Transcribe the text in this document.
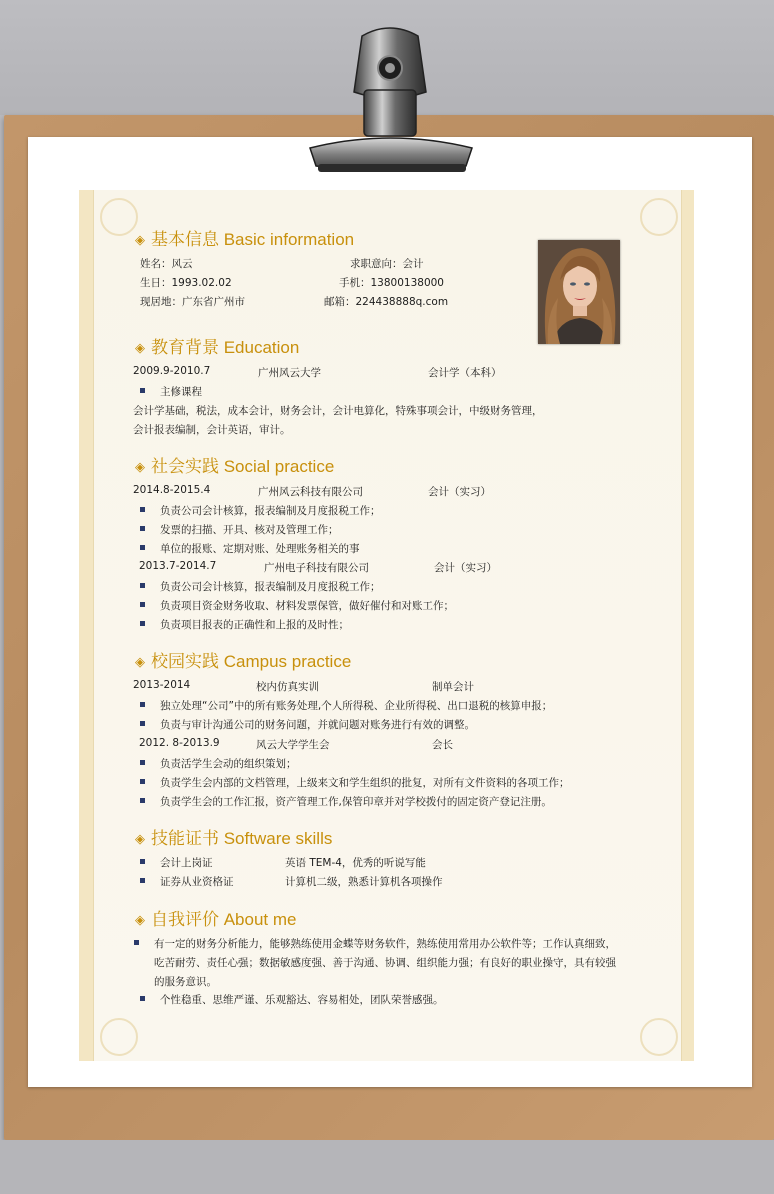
◈ 基本信息 Basic information
姓名：风云	求职意向：会计
生日：1993.02.02	手机：13800138000
现居地：广东省广州市	邮箱：224438888q.com
◈ 教育背景 Education
2009.9-2010.7	广州风云大学	会计学（本科）
主修课程
会计学基础，税法，成本会计，财务会计，会计电算化，特殊事项会计，中级财务管理，
会计报表编制，会计英语，审计。
◈ 社会实践 Social practice
2014.8-2015.4	广州风云科技有限公司	会计（实习）
负责公司会计核算，报表编制及月度报税工作；
发票的扫描、开具、核对及管理工作；
单位的报账、定期对账、处理账务相关的事
2013.7-2014.7	广州电子科技有限公司	会计（实习）
负责公司会计核算，报表编制及月度报税工作；
负责项目资金财务收取、材料发票保管，做好催付和对账工作；
负责项目报表的正确性和上报的及时性；
◈ 校园实践 Campus practice
2013-2014	校内仿真实训	制单会计
独立处理“公司”中的所有账务处理,个人所得税、企业所得税、出口退税的核算申报；
负责与审计沟通公司的财务问题，并就问题对账务进行有效的调整。
2012. 8-2013.9	风云大学学生会	会长
负责活学生会动的组织策划；
负责学生会内部的文档管理，上级来文和学生组织的批复，对所有文件资料的各项工作；
负责学生会的工作汇报，资产管理工作,保管印章并对学校拨付的固定资产登记注册。
◈ 技能证书 Software skills
会计上岗证	英语 TEM-4，优秀的听说写能
证券从业资格证	计算机二级，熟悉计算机各项操作
◈ 自我评价 About me
有一定的财务分析能力，能够熟练使用金蝶等财务软件，熟练使用常用办公软件等；工作认真细致，
吃苦耐劳、责任心强；数据敏感度强、善于沟通、协调、组织能力强；有良好的职业操守，具有较强
的服务意识。
个性稳重、思维严谨、乐观豁达、容易相处，团队荣誉感强。
